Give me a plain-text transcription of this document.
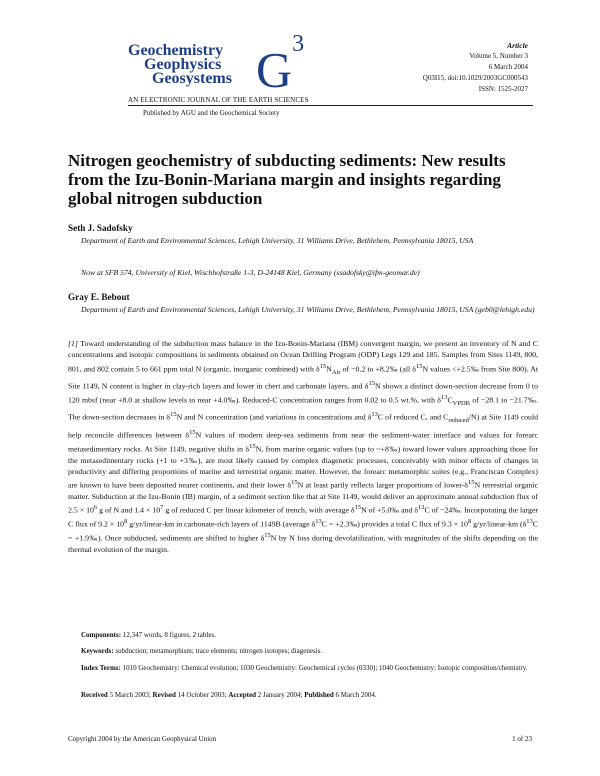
Geochemistry
Geophysics
Geosystems $G^3$
AN ELECTRONIC JOURNAL OF THE EARTH SCIENCES
Published by AGU and the Geochemical Society
Article
Volume 5, Number 3
6 March 2004
Q03I15, doi:10.1029/2003GC000543
ISSN: 1525-2027
Nitrogen geochemistry of subducting sediments: New results from the Izu-Bonin-Mariana margin and insights regarding global nitrogen subduction
Seth J. Sadofsky
Department of Earth and Environmental Sciences, Lehigh University, 31 Williams Drive, Bethlehem, Pennsylvania 18015, USA
Now at SFB 574, University of Kiel, Wischhofstraße 1-3, D-24148 Kiel, Germany (ssadofsky@ifm-geomar.de)
Gray E. Bebout
Department of Earth and Environmental Sciences, Lehigh University, 31 Williams Drive, Bethlehem, Pennsylvania 18015, USA (geb0@lehigh.edu)
[1] Toward understanding of the subduction mass balance in the Izu-Bonin-Mariana (IBM) convergent margin, we present an inventory of N and C concentrations and isotopic compositions in sediments obtained on Ocean Drilling Program (ODP) Legs 129 and 185. Samples from Sites 1149, 800, 801, and 802 contain 5 to 661 ppm total N (organic, inorganic combined) with $\delta^{15}N_{Air}$ of −0.2 to +8.2‰ (all $\delta^{15}N$ values <+2.5‰ from Site 800). At Site 1149, N content is higher in clay-rich layers and lower in chert and carbonate layers, and $\delta^{15}N$ shows a distinct down-section decrease from 0 to 120 mbsf (near +8.0 at shallow levels to near +4.0‰). Reduced-C concentration ranges from 0.02 to 0.5 wt.%, with $\delta^{13}C_{VPDB}$ of −28.1 to −21.7‰. The down-section decreases in $\delta^{15}N$ and N concentration (and variations in concentrations and $\delta^{13}C$ of reduced C, and $C_{reduced}/N$) at Site 1149 could help reconcile differences between $\delta^{15}N$ values of modern deep-sea sediments from near the sediment-water interface and values for forearc metasedimentary rocks. At Site 1149, negative shifts in $\delta^{15}N$, from marine organic values (up to ~+8‰) toward lower values approaching those for the metasedimentary rocks (+1 to +3‰), are most likely caused by complex diagenetic processes, conceivably with minor effects of changes in productivity and differing proportions of marine and terrestrial organic matter. However, the forearc metamorphic suites (e.g., Franciscan Complex) are known to have been deposited nearer continents, and their lower $\delta^{15}N$ at least partly reflects larger proportions of lower-$\delta^{15}N$ terrestrial organic matter. Subduction at the Izu-Bonin (IB) margin, of a sediment section like that at Site 1149, would deliver an approximate annual subduction flux of $2.5 \times 10^6$ g of N and $1.4 \times 10^7$ g of reduced C per linear kilometer of trench, with average $\delta^{15}N$ of +5.0‰ and $\delta^{13}C$ of −24‰. Incorporating the larger C flux of $9.2 \times 10^8$ g/yr/linear-km in carbonate-rich layers of 1149B (average $\delta^{13}C$ = +2.3‰) provides a total C flux of $9.3 \times 10^8$ g/yr/linear-km ($\delta^{13}C$ = +1.9‰). Once subducted, sediments are shifted to higher $\delta^{15}N$ by N loss during devolatilization, with magnitudes of the shifts depending on the thermal evolution of the margin.
Components: 12,347 words, 8 figures, 2 tables.
Keywords: subduction; metamorphism; trace elements; nitrogen isotopes; diagenesis.
Index Terms: 1010 Geochemistry: Chemical evolution; 1030 Geochemistry: Geochemical cycles (0330); 1040 Geochemistry: Isotopic composition/chemistry.
Received 5 March 2003; Revised 14 October 2003; Accepted 2 January 2004; Published 6 March 2004.
Copyright 2004 by the American Geophysical Union	1 of 23
